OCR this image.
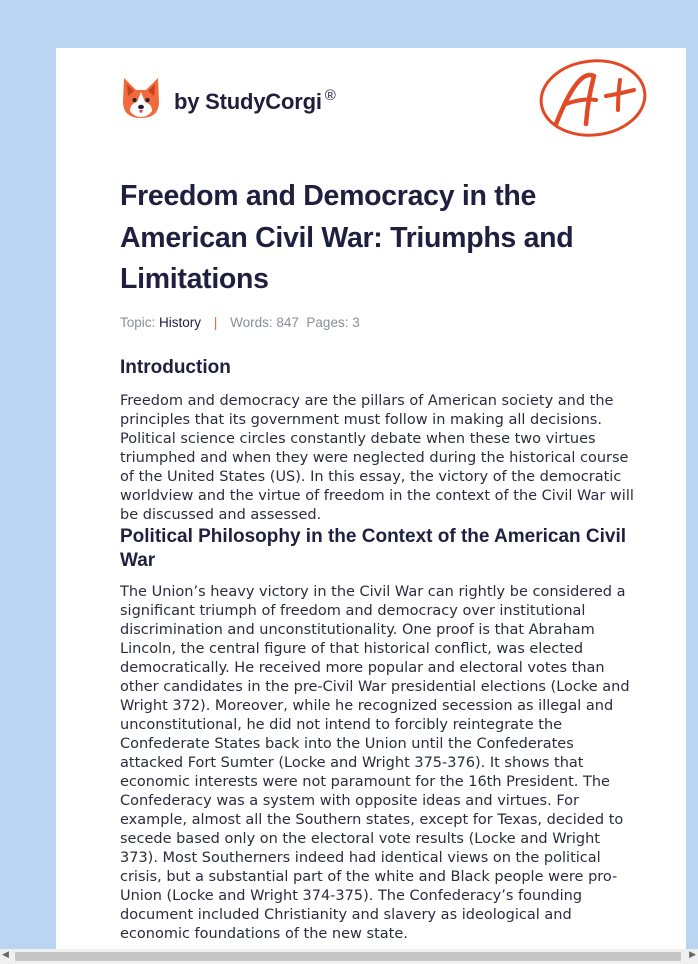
by StudyCorgi ®
Freedom and Democracy in the American Civil War: Triumphs and Limitations
Topic: History | Words: 847 Pages: 3
Introduction

Freedom and democracy are the pillars of American society and the principles that its government must follow in making all decisions. Political science circles constantly debate when these two virtues triumphed and when they were neglected during the historical course of the United States (US). In this essay, the victory of the democratic worldview and the virtue of freedom in the context of the Civil War will be discussed and assessed.

Political Philosophy in the Context of the American Civil War

The Union’s heavy victory in the Civil War can rightly be considered a significant triumph of freedom and democracy over institutional discrimination and unconstitutionality. One proof is that Abraham Lincoln, the central figure of that historical conflict, was elected democratically. He received more popular and electoral votes than other candidates in the pre-Civil War presidential elections (Locke and Wright 372). Moreover, while he recognized secession as illegal and unconstitutional, he did not intend to forcibly reintegrate the Confederate States back into the Union until the Confederates attacked Fort Sumter (Locke and Wright 375-376). It shows that economic interests were not paramount for the 16th President. The Confederacy was a system with opposite ideas and virtues. For example, almost all the Southern states, except for Texas, decided to secede based only on the electoral vote results (Locke and Wright 373). Most Southerners indeed had identical views on the political crisis, but a substantial part of the white and Black people were pro-Union (Locke and Wright 374-375). The Confederacy’s founding document included Christianity and slavery as ideological and economic foundations of the new state.

◀	▶
